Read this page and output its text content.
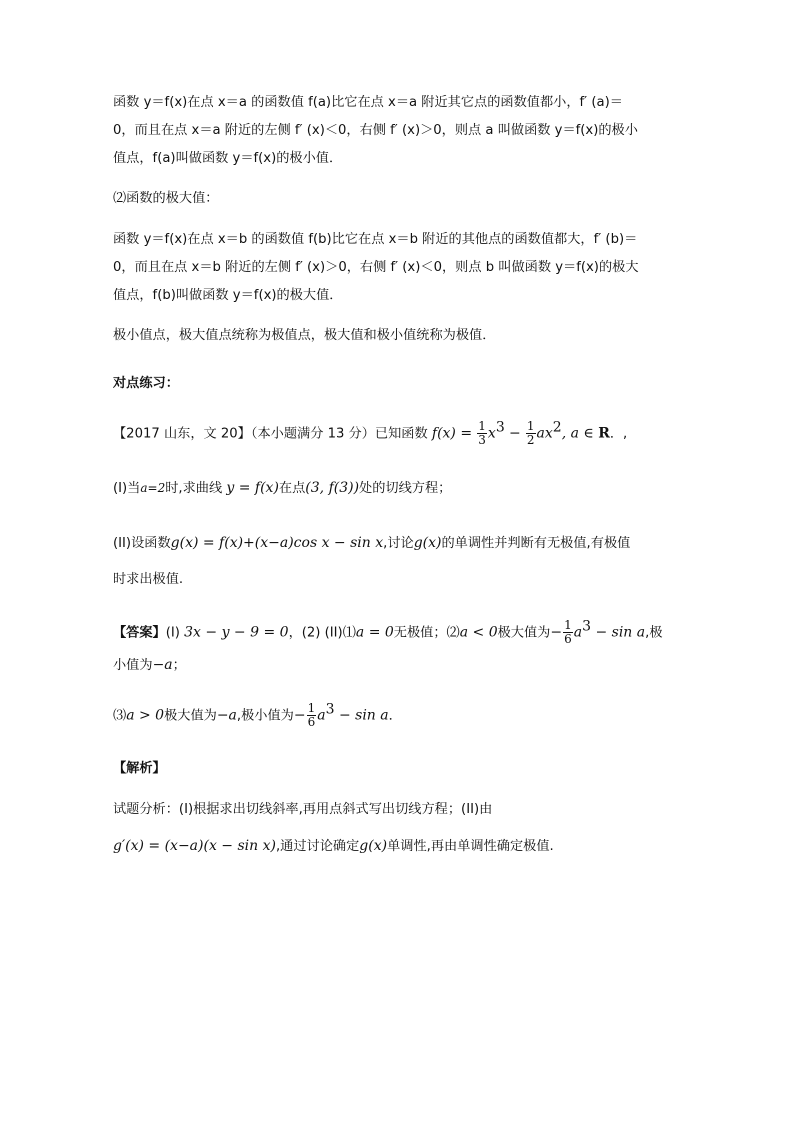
函数 y＝f(x)在点 x＝a 的函数值 f(a)比它在点 x＝a 附近其它点的函数值都小，f′ (a)＝
0，而且在点 x＝a 附近的左侧 f′ (x)＜0，右侧 f′ (x)＞0，则点 a 叫做函数 y＝f(x)的极小
值点，f(a)叫做函数 y＝f(x)的极小值．
⑵函数的极大值：
函数 y＝f(x)在点 x＝b 的函数值 f(b)比它在点 x＝b 附近的其他点的函数值都大，f′ (b)＝
0，而且在点 x＝b 附近的左侧 f′ (x)＞0，右侧 f′ (x)＜0，则点 b 叫做函数 y＝f(x)的极大
值点，f(b)叫做函数 y＝f(x)的极大值．
极小值点，极大值点统称为极值点，极大值和极小值统称为极值．
对点练习：
【2017 山东，文 20】（本小题满分 13 分）已知函数 $f(x) = \frac{1}{3} x^3 - \frac{1}{2} ax^2$, a ∈ R．,
(I)当a=2时,求曲线 y = f(x)在点(3, f(3))处的切线方程；
(II)设函数g(x) = f(x)+(x−a)cos x − sin x,讨论g(x)的单调性并判断有无极值,有极值
时求出极值.
【答案】(I) 3x − y − 9 = 0，(2) (II)⑴a = 0无极值；⑵a < 0极大值为− $\frac{1}{6} a^3 - \sin a$,极
小值为−a；
⑶a > 0极大值为−a,极小值为− $\frac{1}{6} a^3 - \sin a$．
【解析】
试题分析：(I)根据求出切线斜率,再用点斜式写出切线方程；(II)由
g′(x) = (x−a)(x − sin x),通过讨论确定g(x)单调性,再由单调性确定极值.
